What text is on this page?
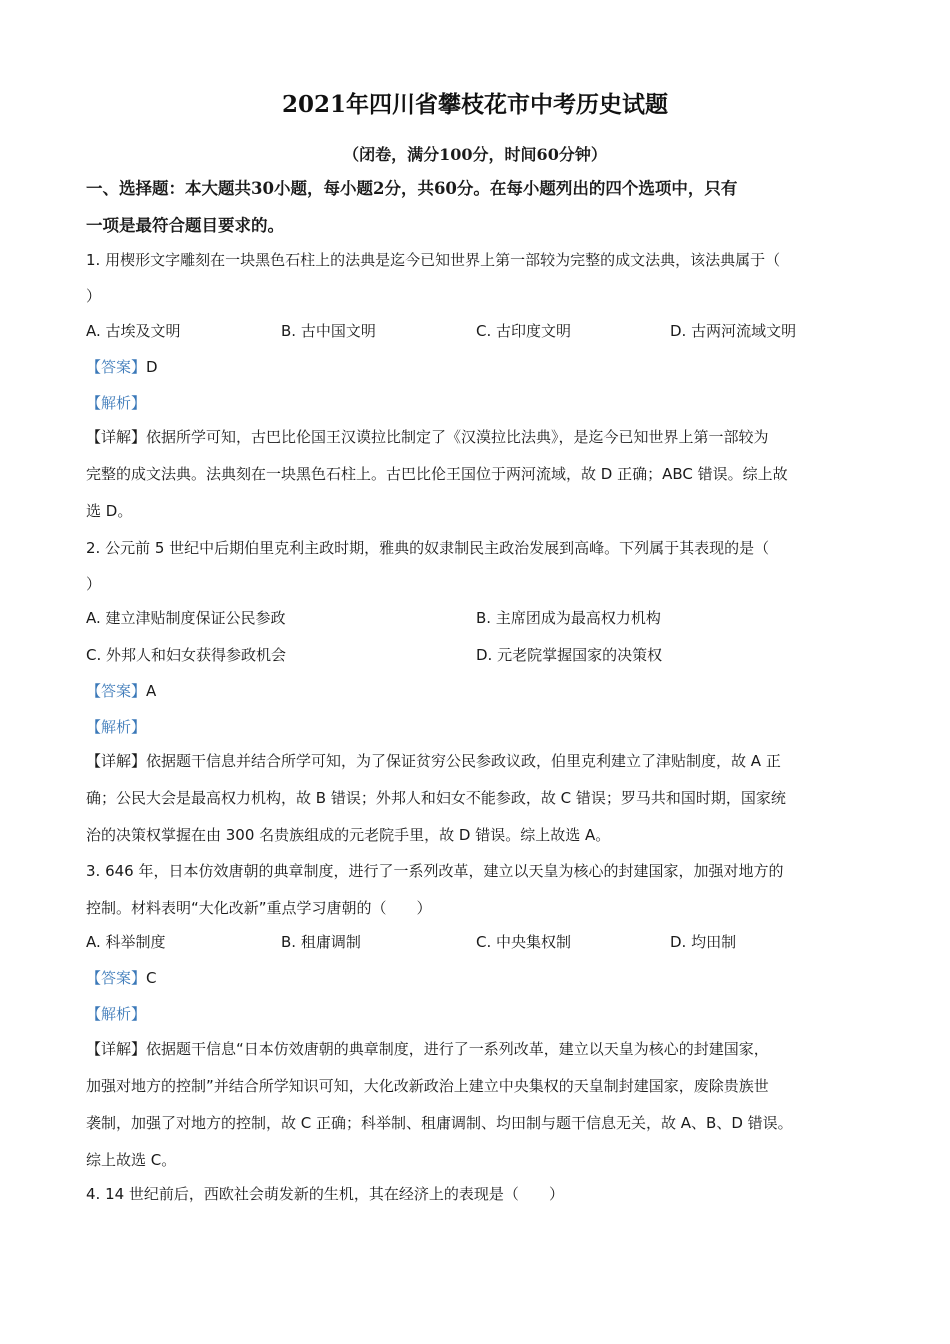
2021年四川省攀枝花市中考历史试题
（闭卷，满分100分，时间60分钟）
一、选择题：本大题共30小题，每小题2分，共60分。在每小题列出的四个选项中，只有
一项是最符合题目要求的。
1. 用楔形文字雕刻在一块黑色石柱上的法典是迄今已知世界上第一部较为完整的成文法典，该法典属于（
）
A. 古埃及文明	B. 古中国文明	C. 古印度文明	D. 古两河流域文明
【答案】D
【解析】
【详解】依据所学可知，古巴比伦国王汉谟拉比制定了《汉漠拉比法典》，是迄今已知世界上第一部较为
完整的成文法典。法典刻在一块黑色石柱上。古巴比伦王国位于两河流域，故 D 正确；ABC 错误。综上故
选 D。
2. 公元前 5 世纪中后期伯里克利主政时期，雅典的奴隶制民主政治发展到高峰。下列属于其表现的是（
）
A. 建立津贴制度保证公民参政	B. 主席团成为最高权力机构
C. 外邦人和妇女获得参政机会	D. 元老院掌握国家的决策权
【答案】A
【解析】
【详解】依据题干信息并结合所学可知，为了保证贫穷公民参政议政，伯里克利建立了津贴制度，故 A 正
确；公民大会是最高权力机构，故 B 错误；外邦人和妇女不能参政，故 C 错误；罗马共和国时期，国家统
治的决策权掌握在由 300 名贵族组成的元老院手里，故 D 错误。综上故选 A。
3. 646 年，日本仿效唐朝的典章制度，进行了一系列改革，建立以天皇为核心的封建国家，加强对地方的
控制。材料表明“大化改新”重点学习唐朝的（　　）
A. 科举制度	B. 租庸调制	C. 中央集权制	D. 均田制
【答案】C
【解析】
【详解】依据题干信息“日本仿效唐朝的典章制度，进行了一系列改革，建立以天皇为核心的封建国家，
加强对地方的控制”并结合所学知识可知，大化改新政治上建立中央集权的天皇制封建国家，废除贵族世
袭制，加强了对地方的控制，故 C 正确；科举制、租庸调制、均田制与题干信息无关，故 A、B、D 错误。
综上故选 C。
4. 14 世纪前后，西欧社会萌发新的生机，其在经济上的表现是（　　）
